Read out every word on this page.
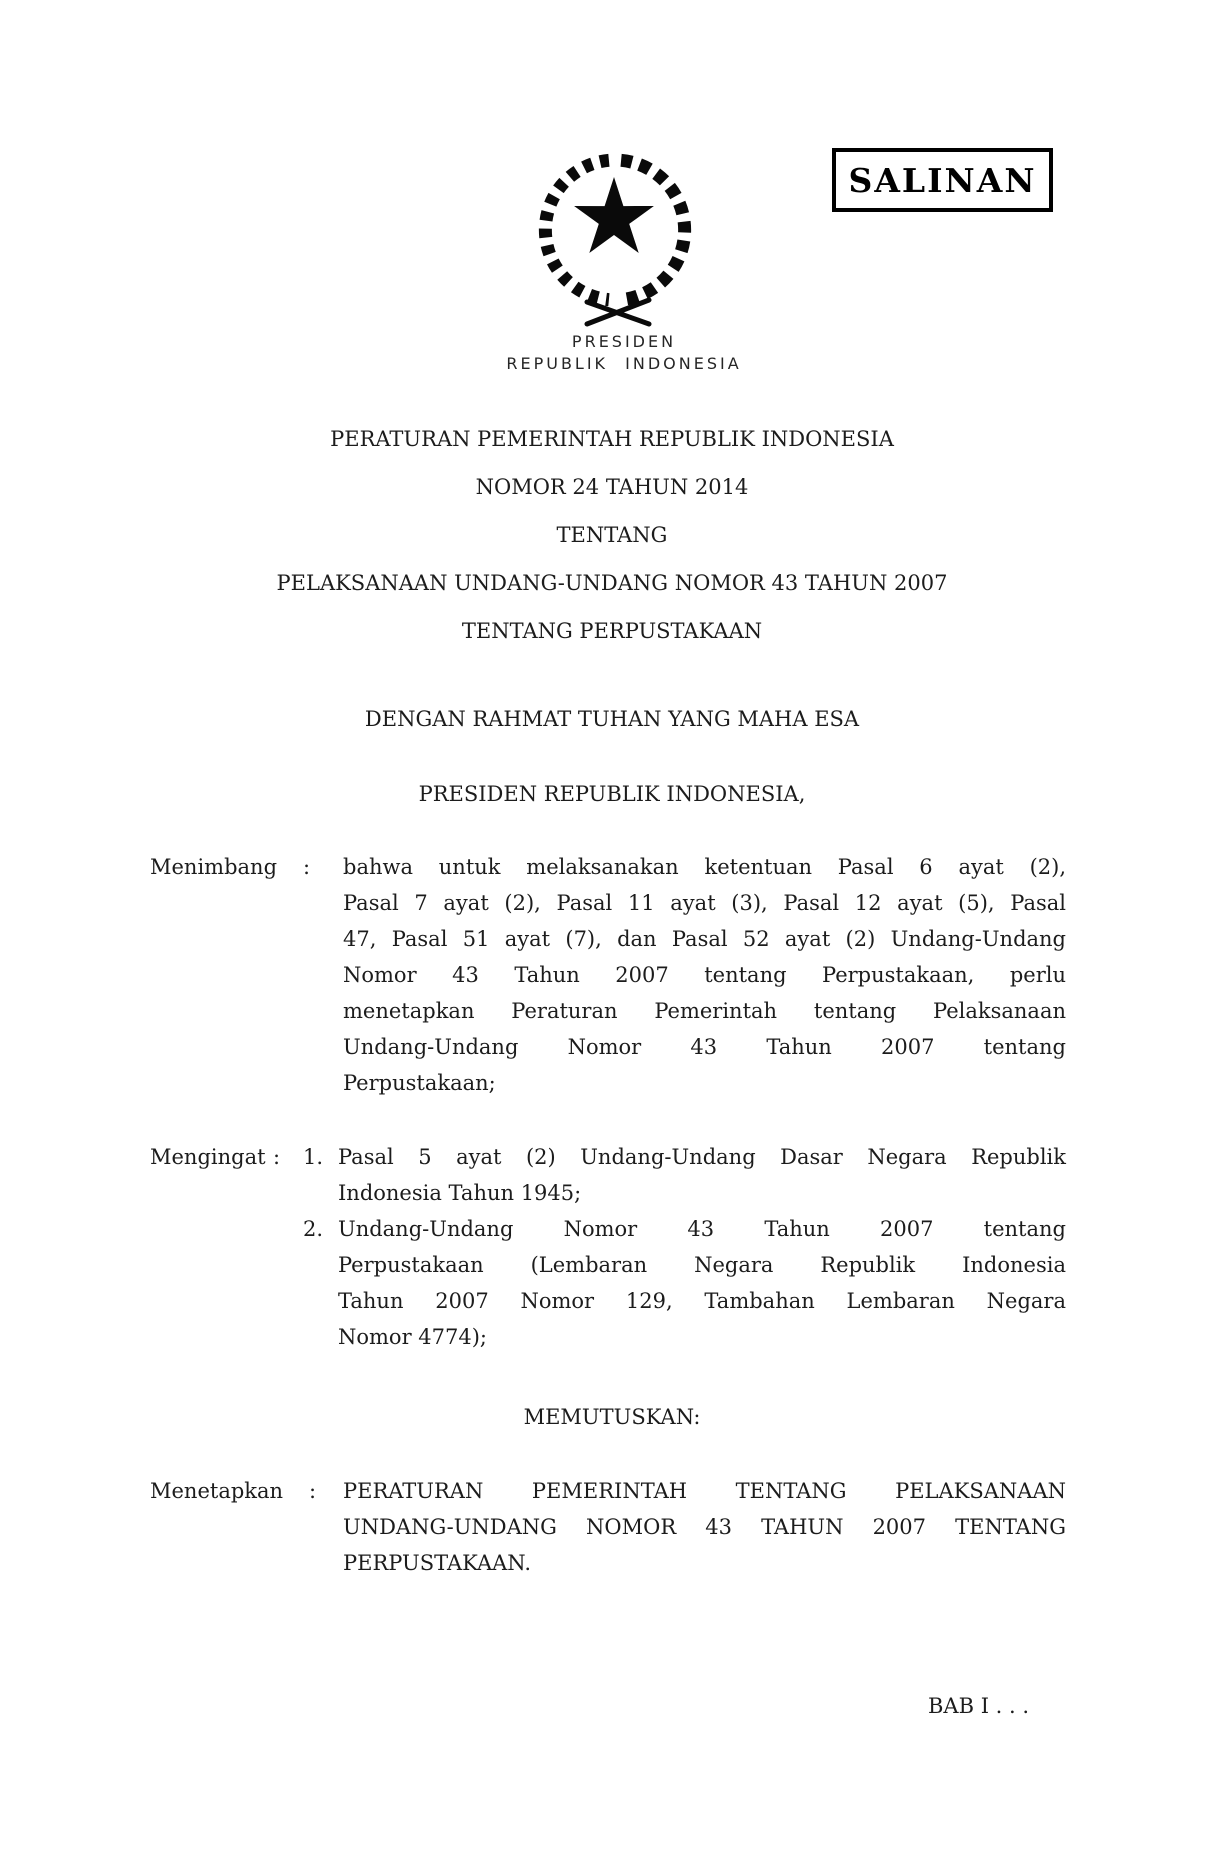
SALINAN
PRESIDEN
REPUBLIK INDONESIA
PERATURAN PEMERINTAH REPUBLIK INDONESIA
NOMOR 24 TAHUN 2014
TENTANG
PELAKSANAAN UNDANG-UNDANG NOMOR 43 TAHUN 2007
TENTANG PERPUSTAKAAN
DENGAN RAHMAT TUHAN YANG MAHA ESA
PRESIDEN REPUBLIK INDONESIA,
Menimbang : bahwa untuk melaksanakan ketentuan Pasal 6 ayat (2),
Pasal 7 ayat (2), Pasal 11 ayat (3), Pasal 12 ayat (5), Pasal
47, Pasal 51 ayat (7), dan Pasal 52 ayat (2) Undang-Undang
Nomor 43 Tahun 2007 tentang Perpustakaan, perlu
menetapkan Peraturan Pemerintah tentang Pelaksanaan
Undang-Undang Nomor 43 Tahun 2007 tentang
Perpustakaan;
Mengingat : 1. Pasal 5 ayat (2) Undang-Undang Dasar Negara Republik
Indonesia Tahun 1945;
2. Undang-Undang Nomor 43 Tahun 2007 tentang
Perpustakaan (Lembaran Negara Republik Indonesia
Tahun 2007 Nomor 129, Tambahan Lembaran Negara
Nomor 4774);
MEMUTUSKAN:
Menetapkan : PERATURAN PEMERINTAH TENTANG PELAKSANAAN
UNDANG-UNDANG NOMOR 43 TAHUN 2007 TENTANG
PERPUSTAKAAN.
BAB I . . .
